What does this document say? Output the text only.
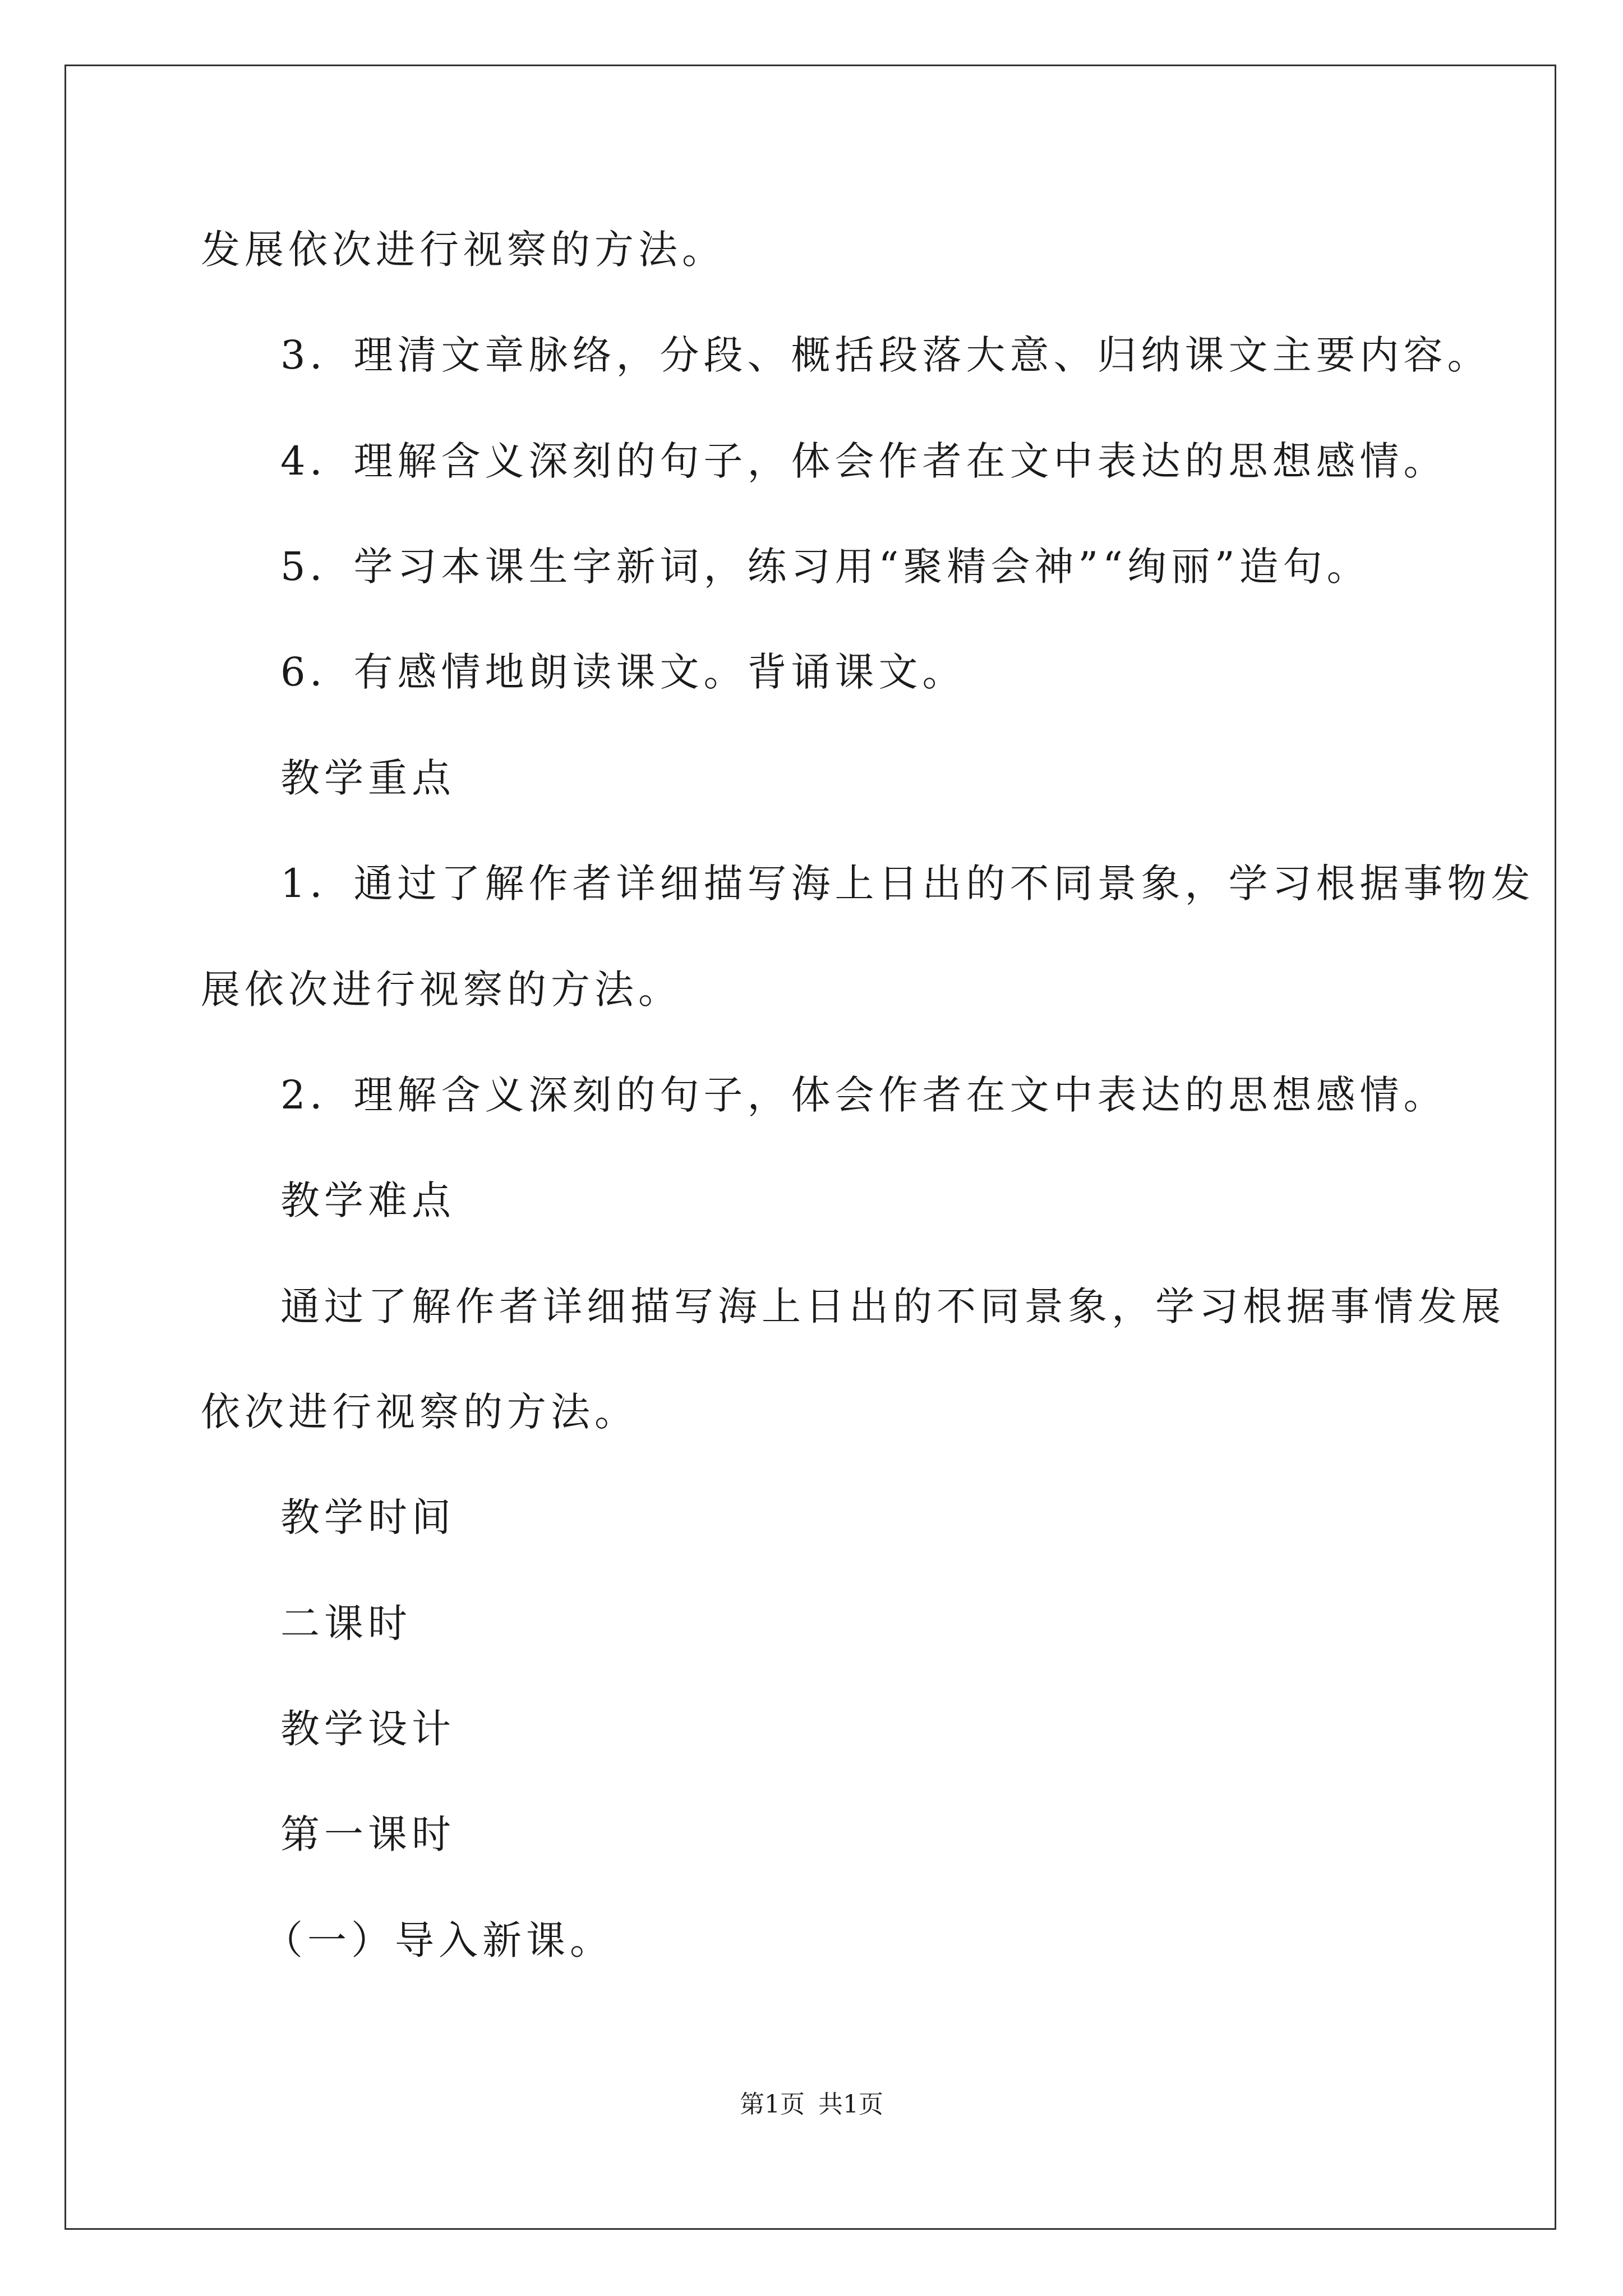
发展依次进行视察的方法。
3．理清文章脉络，分段、概括段落大意、归纳课文主要内容。
4．理解含义深刻的句子，体会作者在文中表达的思想感情。
5．学习本课生字新词，练习用“聚精会神”“绚丽”造句。
6．有感情地朗读课文。背诵课文。
教学重点
1．通过了解作者详细描写海上日出的不同景象，学习根据事物发
展依次进行视察的方法。
2．理解含义深刻的句子，体会作者在文中表达的思想感情。
教学难点
通过了解作者详细描写海上日出的不同景象，学习根据事情发展
依次进行视察的方法。
教学时间
二课时
教学设计
第一课时
（一）导入新课。
第1页 共1页
